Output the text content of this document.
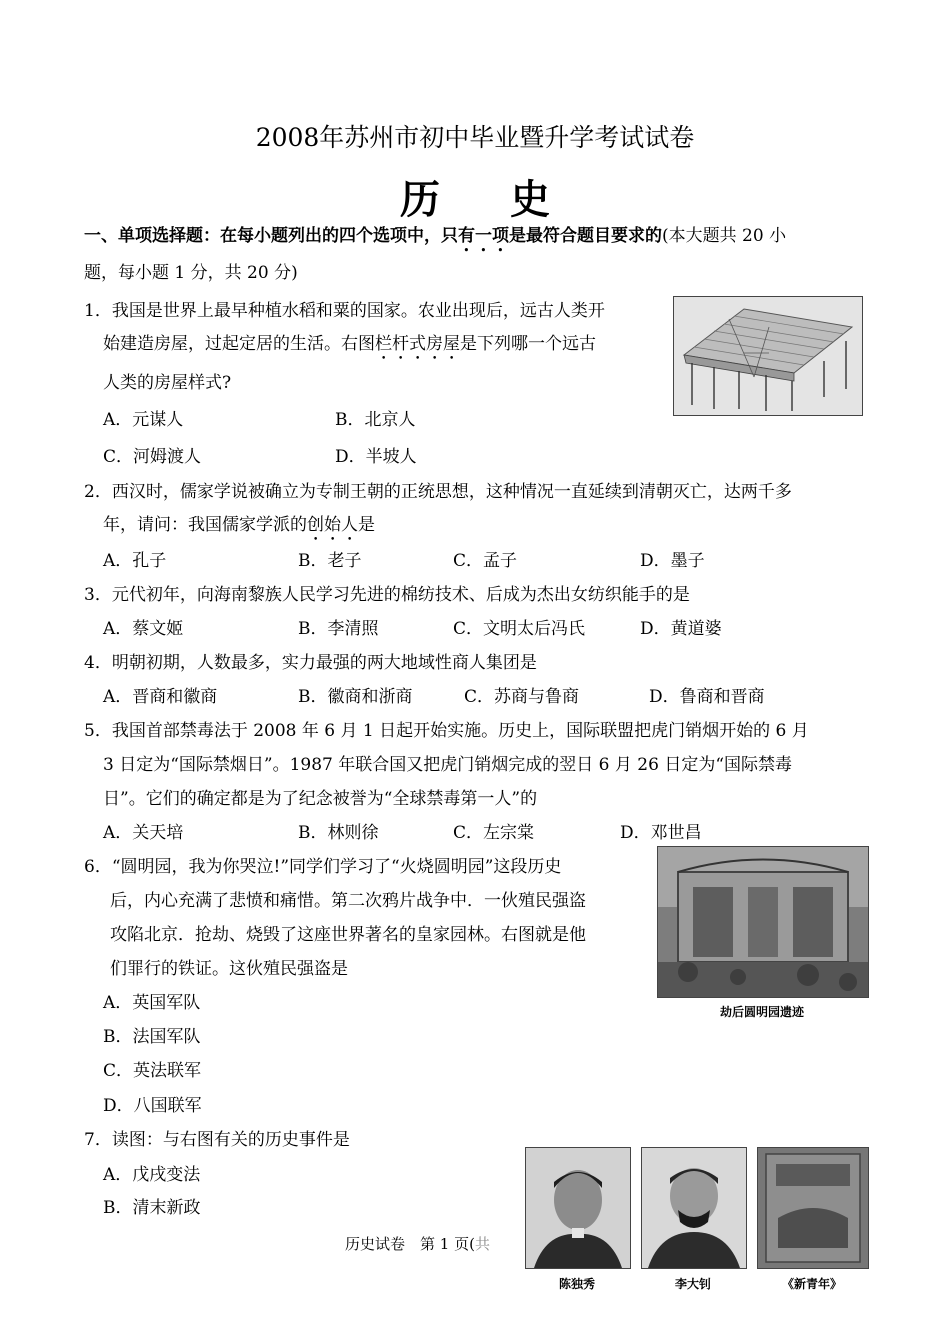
2008年苏州市初中毕业暨升学考试试卷
历史
一、单项选择题：在每小题列出的四个选项中，只有一项是最符合题目要求的(本大题共 20 小
题，每小题 1 分，共 20 分)
1．我国是世界上最早种植水稻和粟的国家。农业出现后，远古人类开
始建造房屋，过起定居的生活。右图栏杆式房屋是下列哪一个远古
人类的房屋样式?
A．元谋人	B．北京人
C．河姆渡人	D．半坡人
2．西汉时，儒家学说被确立为专制王朝的正统思想，这种情况一直延续到清朝灭亡，达两千多
年，请问：我国儒家学派的创始人是
A．孔子	B．老子	C．孟子	D．墨子
3．元代初年，向海南黎族人民学习先进的棉纺技术、后成为杰出女纺织能手的是
A．蔡文姬	B．李清照	C．文明太后冯氏	D．黄道婆
4．明朝初期，人数最多，实力最强的两大地域性商人集团是
A．晋商和徽商	B．徽商和浙商	C．苏商与鲁商	D．鲁商和晋商
5．我国首部禁毒法于 2008 年 6 月 1 日起开始实施。历史上，国际联盟把虎门销烟开始的 6 月
3 日定为“国际禁烟日”。1987 年联合国又把虎门销烟完成的翌日 6 月 26 日定为“国际禁毒
日”。它们的确定都是为了纪念被誉为“全球禁毒第一人”的
A．关天培	B．林则徐	C．左宗棠	D．邓世昌
6．“圆明园，我为你哭泣!”同学们学习了“火烧圆明园”这段历史
后，内心充满了悲愤和痛惜。第二次鸦片战争中．一伙殖民强盗
攻陷北京．抢劫、烧毁了这座世界著名的皇家园林。右图就是他
们罪行的铁证。这伙殖民强盗是
A．英国军队
B．法国军队
C．英法联军
D．八国联军
劫后圆明园遗迹
7．读图：与右图有关的历史事件是
A．戊戌变法
B．清末新政
历史试卷　第 1 页(共
陈独秀	李大钊	《新青年》
